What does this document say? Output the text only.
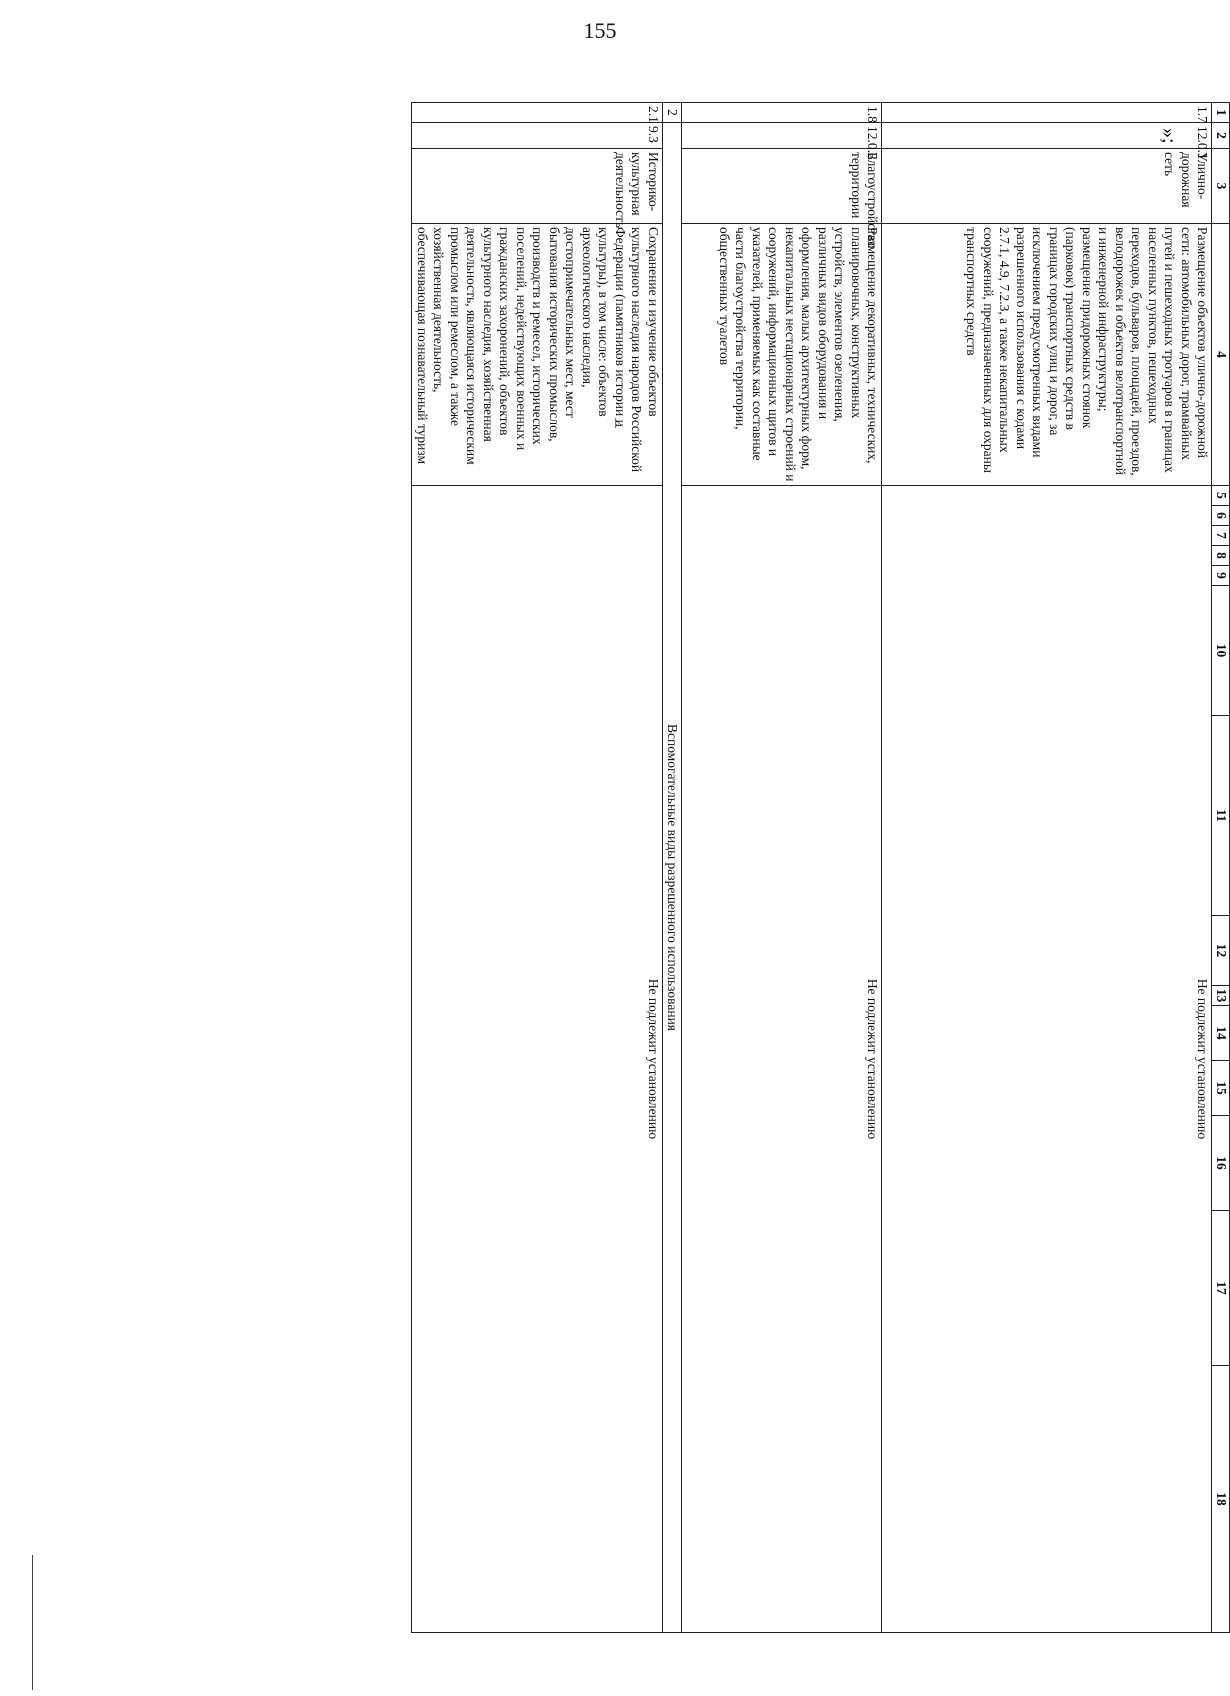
155
»;
1	2	3	4	5	6	7	8	9	10	11	12	13	14	15	16	17	18
1.7	12.0.1	Улично-дорожная сеть	Размещение объектов улично-дорожной сети: автомобильных дорог, трамвайных путей и пешеходных тротуаров в границах населенных пунктов, пешеходных переходов, бульваров, площадей, проездов, велодорожек и объектов велотранспортной и инженерной инфраструктуры; размещение придорожных стоянок (парковок) транспортных средств в границах городских улиц и дорог, за исключением предусмотренных видами разрешенного использования с кодами 2.7.1, 4.9, 7.2.3, а также некапитальных сооружений, предназначенных для охраны транспортных средств	Не подлежит установлению													
1.8	12.0.2	Благоустройство территории	Размещение декоративных, технических, планировочных, конструктивных устройств, элементов озеленения, различных видов оборудования и оформления, малых архитектурных форм, некапитальных нестационарных строений и сооружений, информационных щитов и указателей, применяемых как составные части благоустройства территории, общественных туалетов	Не подлежит установлению													
2	Вспомогательные виды разрешенного использования																
2.1	9.3	Историко-культурная деятельность	Сохранение и изучение объектов культурного наследия народов Российской Федерации (памятников истории и культуры), в том числе: объектов археологического наследия, достопримечательных мест, мест бытования исторических промыслов, производств и ремесел, исторических поселений, недействующих военных и гражданских захоронений, объектов культурного наследия, хозяйственная деятельность, являющаяся историческим промыслом или ремеслом, а также хозяйственная деятельность, обеспечивающая познавательный туризм	Не подлежит установлению													
